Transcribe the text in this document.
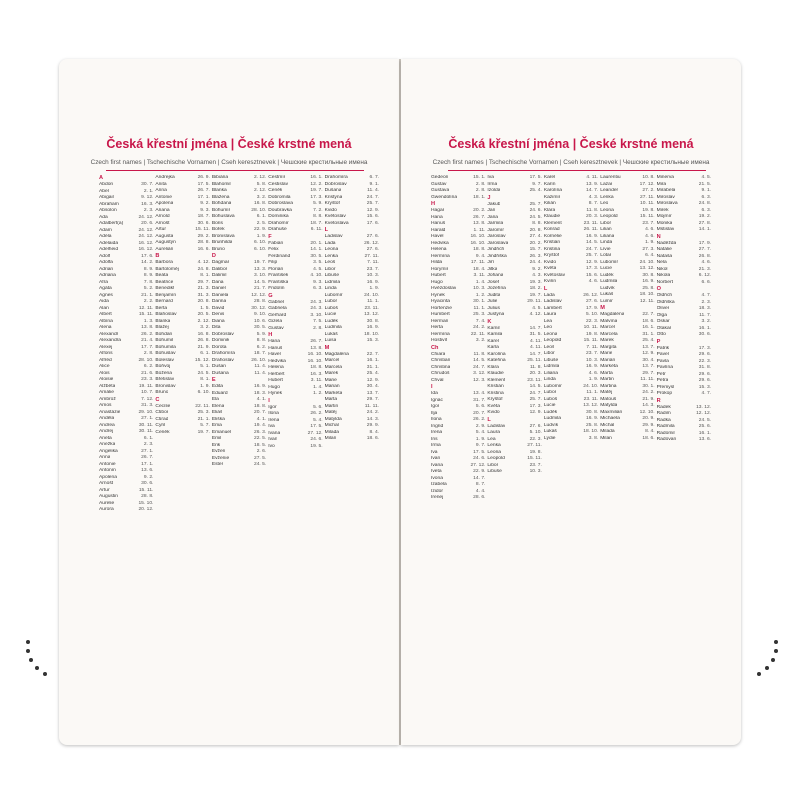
Česká křestní jména | České krstné mená
Czech first names | Tschechische Vornamen | Cseh keresztnevek | Чешские крестильные имена
A
Abdon	30. 7.
Abel	2. 1.
Abigail	9. 12.
Abraham	16. 3.
Absolon	2. 3.
Ada	24. 12.
Adalbert(a)	20. 6.
Adam	24. 12.
Adéla	24. 12.
Adelaida	16. 12.
Adelheid	16. 12.
Adolf	17. 6.
Adolfa	14. 2.
Adrian	8. 9.
Adriana	8. 9.
Afra	7. 8.
Agáta	5. 2.
Agnes	21. 1.
Aida	2. 2.
Alan	12. 11.
Albert	15. 11.
Albína	1. 3.
Alena	13. 8.
Alexandr	26. 2.
Alexandra	21. 4.
Alexej	17. 7.
Alfons	2. 8.
Alfréd	28. 10.
Alice	6. 2.
Alois	21. 6.
Aloisie	23. 3.
Alžběta	19. 11.
Amálie	10. 7.
Ambrož	7. 12.
Amos	31. 3.
Anastázie	29. 10.
Anděla	27. 1.
Andrea	30. 11.
Andrej	30. 11.
Aneta	6. 1.
Anežka	2. 3.
Angelika	27. 1.
Anna	26. 7.
Antonie	17. 1.
Antonín	13. 6.
Apolena	9. 2.
Arnošt	30. 6.
Artur	15. 11.
Augustin	28. 8.
Aurelie	15. 10.
Aurora	20. 12.
Andrejka	26. 9.
Anita	17. 5.
Anna	26. 7.
Antonie	17. 1.
Apolena	9. 2.
Ariana	9. 3.
Arnold	18. 7.
Arnošt	30. 6.
Artur	15. 11.
Augusta	29. 2.
Augustýn	28. 8.
Aurelián	16. 6.
B
Barbora	4. 12.
Bartoloměj	24. 8.
Beáta	8. 1.
Beatrice	29. 7.
Benedikt	21. 3.
Benjamín	31. 3.
Bernard	20. 8.
Berta	1. 5.
Blahoslav	20. 5.
Blanka	2. 12.
Blažej	3. 2.
Bohdan	16. 8.
Bohumil	26. 8.
Bohumila	21. 9.
Bohuslav	6. 1.
Boleslav	15. 12.
Bořivoj	5. 1.
Božena	24. 5.
Břetislav	8. 1.
Bronislav	1. 9.
Bruno	6. 10.
C
Cecílie	22. 11.
Ctibor	25. 3.
Ctirad	21. 1.
Cyril	5. 7.
Čeněk	19. 7.
Bibiána	2. 12.
Blahomil	5. 8.
Blanka	2. 12.
Blažena	3. 2.
Bohdana	16. 8.
Bohumír	28. 10.
Bohuslava	6. 1.
Boris	2. 5.
Bořek	22. 9.
Bronislava	1. 9.
Brunhilda	6. 10.
Bruno	6. 10.
D
Dagmar	19. 7.
Dalibor	13. 3.
Dalimil	3. 10.
Dana	14. 5.
Daniel	21. 7.
Daniela	12. 12.
Darina	28. 8.
David	30. 12.
Denis	9. 10.
Diana	10. 6.
Dita	30. 5.
Dobroslav	5. 9.
Dominik	8. 8.
Dorota	6. 2.
Drahomíra	18. 7.
Drahoslav	26. 10.
Dušan	11. 4.
Dušana	11. 4.
E
Edita	16. 9.
Eduard	18. 3.
Ela	4. 1.
Elena	18. 8.
Eliáš	20. 7.
Eliška	4. 1.
Ema	19. 4.
Emanuel	26. 3.
Emil	22. 5.
Erik	18. 5.
Evžen	2. 6.
Evženie	27. 5.
Ester	24. 5.
Čestmír	16. 1.
Čestislav	12. 2.
Čeněk	19. 7.
Dobromila	17. 3.
Dobroslava	5. 9.
Doubravka	7. 2.
Dominika	8. 8.
Drahomír	18. 7.
Drahuše	6. 11.
F
Fabián	20. 1.
Felix	14. 1.
Ferdinand	30. 5.
Filip	3. 5.
Florián	4. 5.
František	4. 10.
Františka	9. 3.
Fridolín	6. 3.
G
Gabriel	24. 3.
Gabriela	24. 3.
Gerhard	3. 10.
Gizela	7. 5.
Gustav	2. 8.
H
Hana	26. 7.
Hanuš	13. 8.
Havel	16. 10.
Hedvika	16. 10.
Helena	18. 8.
Herbert	16. 3.
Hubert	3. 11.
Hugo	1. 4.
Hynek	1. 2.
I
Igor	5. 6.
Ilona	26. 2.
Irena	5. 4.
Iva	17. 5.
Ivana	27. 12.
Ivan	24. 6.
Ivo	19. 5.
Drahomíra	6. 7.
Dobroslav	9. 1.
Dušana	11. 4.
Kristýna	24. 7.
Kryštof	25. 7.
Kvido	12. 9.
Květoslav	15. 6.
Kvetoslava	17. 6.
L
Ladislav	27. 6.
Lada	26. 12.
Leona	27. 6.
Lenka	27. 11.
Leoš	7. 11.
Libor	23. 7.
Libuše	10. 3.
Lidmila	16. 9.
Linda	1. 9.
Lubomír	24. 10.
Lubor	11. 1.
Luboš	23. 11.
Lucie	13. 12.
Luděk	30. 8.
Ludmila	16. 9.
Lukáš	18. 10.
Luisa	15. 3.
M
Magdaléna	22. 7.
Marcel	16. 1.
Marcela	31. 1.
Marek	25. 4.
Marie	12. 9.
Marian	30. 4.
Markéta	13. 7.
Marta	29. 7.
Martin	11. 11.
Matěj	24. 2.
Matylda	14. 3.
Michal	29. 9.
Milada	8. 4.
Milan	18. 6.
Česká křestní jména | České krstné mená
Czech first names | Tschechische Vornamen | Cseh keresztnevek | Чешские крестильные имена
Gedeon	15. 1.
Gustav	2. 8.
Gustava	2. 8.
Gwendolína	18. 1.
H
Hagar	20. 2.
Hana	26. 7.
Hanuš	13. 8.
Harald	1. 11.
Havel	16. 10.
Hedvika	16. 10.
Helena	18. 8.
Hermína	9. 4.
Hilda	17. 11.
Horymír	18. 4.
Hubert	3. 11.
Hugo	1. 4.
Hvězdoslav	10. 3.
Hynek	1. 2.
Hyacinta	30. 1.
Hortenzie	11. 1.
Humbert	25. 3.
Herman	7. 4.
Herta	24. 2.
Hermína	22. 11.
Hostivít	3. 2.
Ch
Chiara	11. 8.
Christian	14. 5.
Christina	24. 7.
Chrudoš	3. 12.
Chval	12. 3.
I
Ida	13. 4.
Ignác	31. 7.
Igor	5. 6.
Ilja	20. 7.
Ilona	26. 2.
Ingrid	2. 9.
Irena	5. 4.
Iris	1. 9.
Irma	9. 7.
Iva	17. 5.
Ivan	24. 6.
Ivana	27. 12.
Iveta	22. 9.
Ivona	14. 7.
Izabela	8. 7.
Izidor	4. 4.
Irenej	28. 6.
Iva	17. 5.
Irma	9. 7.
Izolda	25. 4.
J
Jakub	25. 7.
Jan	24. 6.
Jana	24. 5.
Jarmila	8. 8.
Jaromír	20. 8.
Jaroslav	27. 4.
Jaroslava	20. 2.
Jindřich	15. 7.
Jindřiška	26. 3.
Jiří	24. 4.
Jitka	9. 2.
Johana	4. 3.
Josef	19. 3.
Jozefína	18. 2.
Judita	19. 7.
Julie	29. 11.
Julius	4. 5.
Justýna	4. 12.
K
Kamil	14. 7.
Kamila	31. 5.
Karel	4. 11.
Karla	4. 11.
Karolína	14. 7.
Kateřina	25. 11.
Klára	11. 8.
Klaudie	20. 3.
Klement	23. 11.
Kristián	14. 5.
Kristina	24. 7.
Kryštof	25. 7.
Květa	17. 3.
Kvido	12. 9.
L
Ladislav	27. 6.
Laura	5. 10.
Lea	22. 3.
Lenka	27. 11.
Leona	19. 8.
Leopold	15. 11.
Libor	23. 7.
Libuše	10. 3.
Karel	4. 11.
Karín	13. 9.
Karolína	14. 7.
Kazimír	4. 3.
Kilián	8. 7.
Klára	11. 8.
Klaudie	20. 3.
Klement	23. 11.
Konrád	26. 11.
Kornélie	16. 9.
Kristián	14. 5.
Kristina	24. 7.
Kryštof	25. 7.
Kvido	12. 9.
Květa	17. 3.
Květoslav	15. 6.
Kvirin	4. 6.
L
Lada	26. 12.
Ladislav	27. 6.
Lambert	17. 9.
Laura	5. 10.
Lea	22. 3.
Leo	10. 11.
Leona	19. 8.
Leopold	15. 11.
Leoš	7. 11.
Libor	23. 7.
Libuše	10. 3.
Lidmila	16. 9.
Liliana	4. 6.
Linda	1. 9.
Lubomír	24. 10.
Lubor	11. 1.
Luboš	23. 11.
Lucie	13. 12.
Luděk	30. 8.
Ludmila	16. 9.
Ludvík	25. 8.
Lukáš	18. 10.
Lýdie	3. 8.
Laurentiu	10. 8.
Lazar	17. 12.
Leander	27. 2.
Lenka	27. 11.
Leo	10. 11.
Leona	19. 8.
Leopold	15. 11.
Libor	23. 7.
Lilian	4. 6.
Liliana	4. 6.
Linda	1. 9.
Lívie	27. 3.
Lotar	6. 4.
Lubomír	24. 10.
Lucie	13. 12.
Luděk	30. 8.
Ludmila	16. 9.
Ludvík	25. 8.
Lukáš	18. 10.
Lumír	12. 11.
M
Magdaléna	22. 7.
Malvína	18. 6.
Marcel	16. 1.
Marcela	31. 1.
Marek	25. 4.
Margita	13. 7.
Marie	12. 9.
Marián	30. 4.
Markéta	13. 7.
Marta	29. 7.
Martin	11. 11.
Martina	30. 1.
Matěj	24. 2.
Matouš	21. 9.
Matylda	14. 3.
Maxmilián	12. 10.
Michaela	20. 9.
Michal	29. 9.
Milada	8. 4.
Milan	18. 6.
Minerva	4. 5.
Mira	21. 5.
Mirabela	9. 1.
Miroslav	6. 3.
Miroslava	24. 8.
Mirek	6. 3.
Mojmír	19. 2.
Monika	27. 8.
Mstislav	14. 1.
N
Naděžda	17. 9.
Natálie	27. 7.
Nataša	26. 8.
Nela	4. 6.
Nikol	21. 3.
Nikola	6. 12.
Norbert	6. 6.
O
Oldřich	4. 7.
Oldřiška	2. 3.
Oliver	18. 3.
Olga	11. 7.
Oskar	3. 2.
Otakar	16. 1.
Otto	30. 6.
P
Patrik	17. 3.
Pavel	29. 6.
Pavla	22. 3.
Pavlína	31. 8.
Petr	29. 6.
Petra	29. 6.
Přemysl	15. 3.
Prokop	4. 7.
R
Radek	13. 12.
Radim	12. 12.
Radka	24. 5.
Radmila	25. 6.
Radomil	16. 1.
Radovan	13. 6.
